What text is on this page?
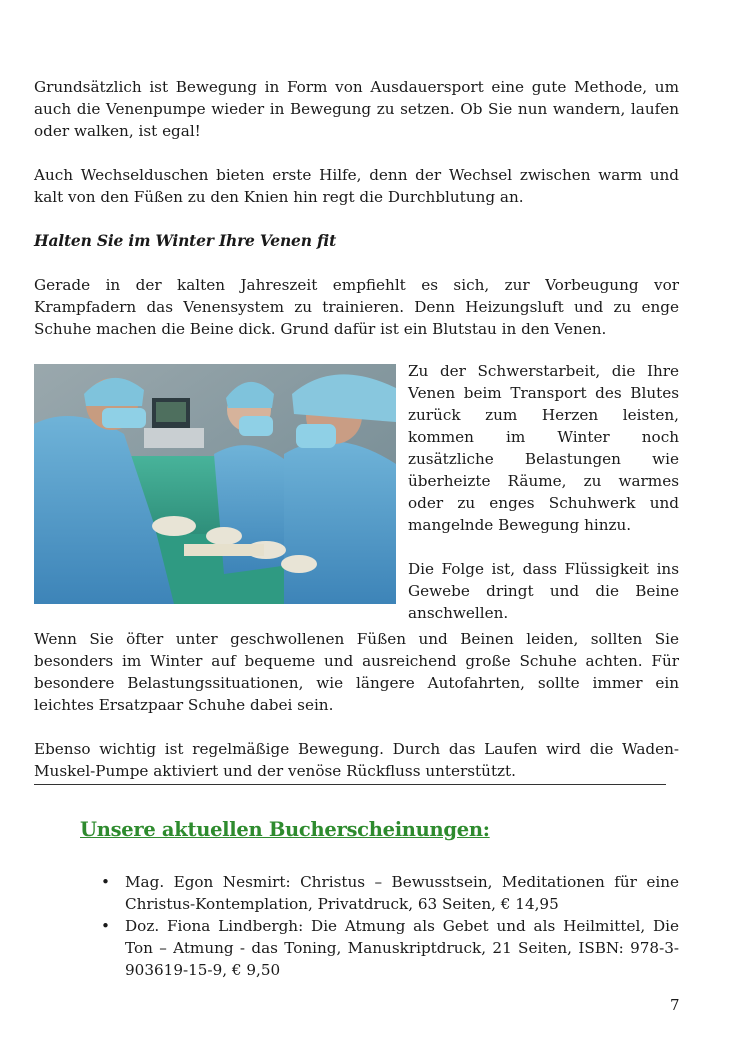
Grundsätzlich ist Bewegung in Form von Ausdauersport eine gute Methode, um auch die Venenpumpe wieder in Bewegung zu setzen. Ob Sie nun wandern, laufen oder walken, ist egal!

Auch Wechselduschen bieten erste Hilfe, denn der Wechsel zwischen warm und kalt von den Füßen zu den Knien hin regt die Durchblutung an.

Halten Sie im Winter Ihre Venen fit

Gerade in der kalten Jahreszeit empfiehlt es sich, zur Vorbeugung vor Krampfadern das Venensystem zu trainieren. Denn Heizungsluft und zu enge Schuhe machen die Beine dick. Grund dafür ist ein Blutstau in den Venen.

Zu der Schwerstarbeit, die Ihre Venen beim Transport des Blutes zurück zum Herzen leisten, kommen im Winter noch zusätzliche Belastungen wie überheizte Räume, zu warmes oder zu enges Schuhwerk und mangelnde Bewegung hinzu.

Die Folge ist, dass Flüssigkeit ins Gewebe dringt und die Beine anschwellen.

Wenn Sie öfter unter geschwollenen Füßen und Beinen leiden, sollten Sie besonders im Winter auf bequeme und ausreichend große Schuhe achten. Für besondere Belastungssituationen, wie längere Autofahrten, sollte immer ein leichtes Ersatzpaar Schuhe dabei sein.

Ebenso wichtig ist regelmäßige Bewegung. Durch das Laufen wird die Waden-Muskel-Pumpe aktiviert und der venöse Rückfluss unterstützt.

Unsere aktuellen Bucherscheinungen:
• Mag. Egon Nesmirt: Christus – Bewusstsein, Meditationen für eine Christus-Kontemplation, Privatdruck, 63 Seiten, € 14,95
• Doz. Fiona Lindbergh: Die Atmung als Gebet und als Heilmittel, Die Ton – Atmung - das Toning, Manuskriptdruck, 21 Seiten, ISBN: 978-3-903619-15-9, € 9,50
7
